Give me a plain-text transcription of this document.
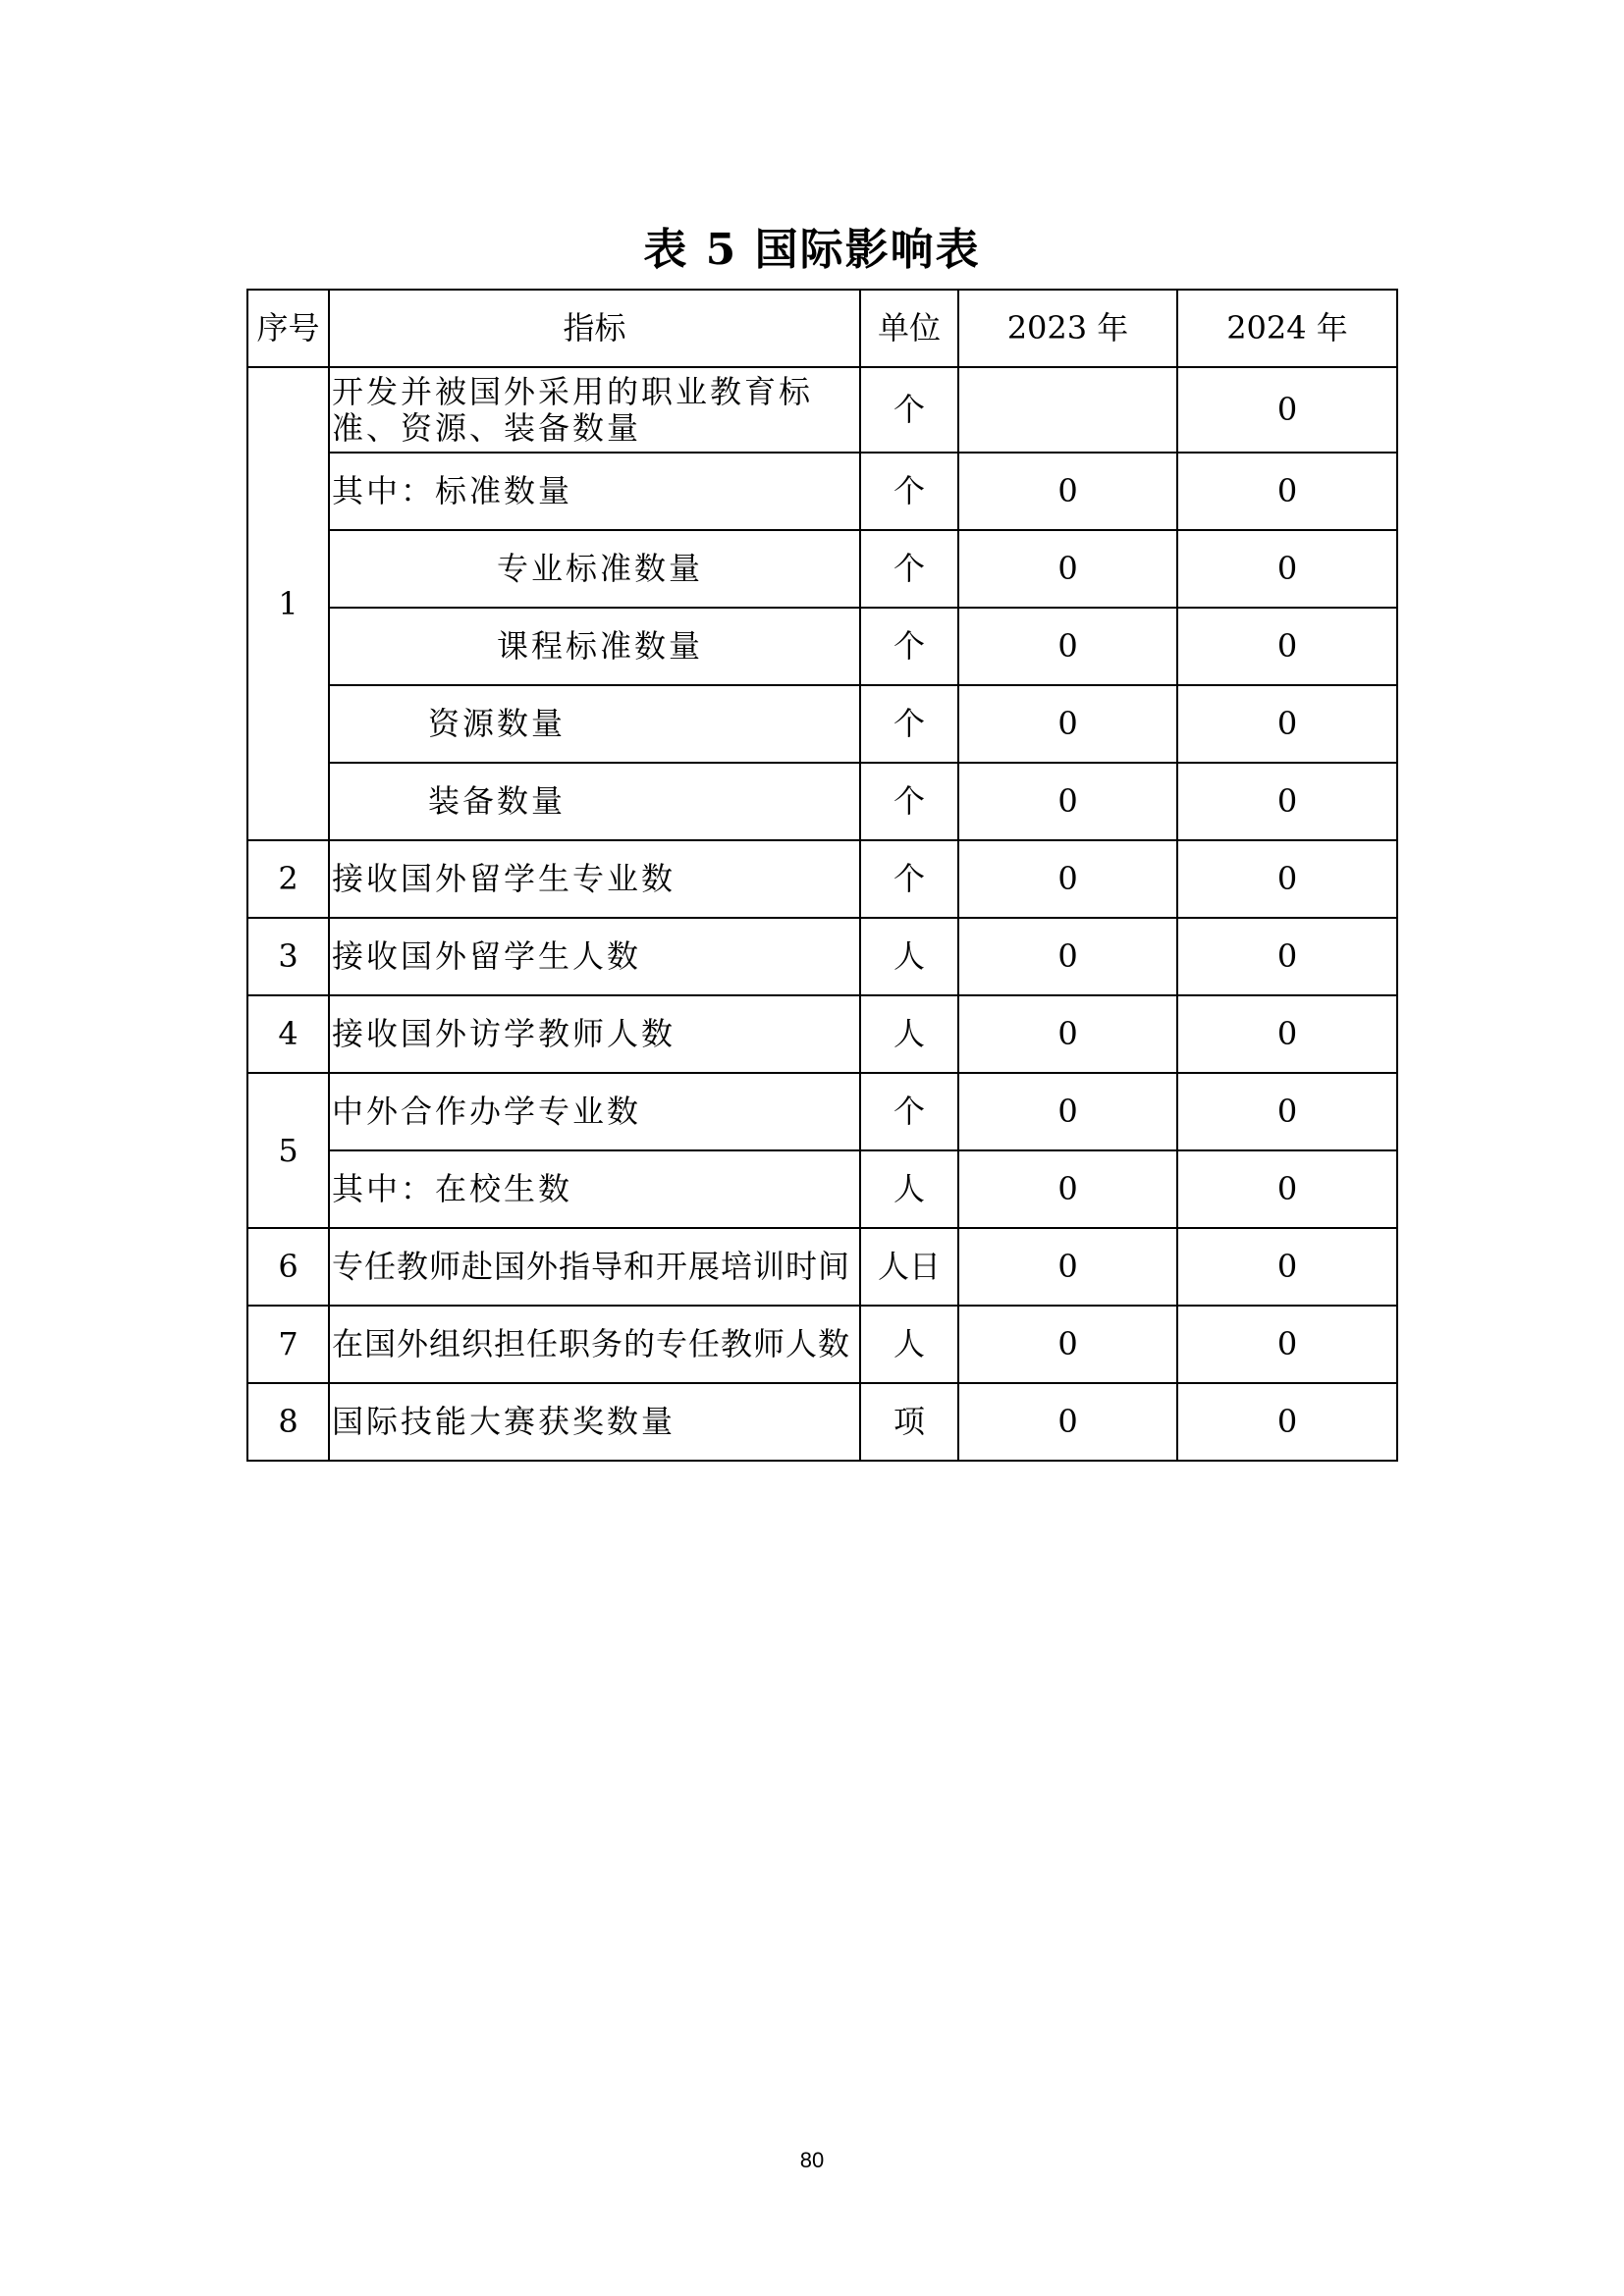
表 5 国际影响表
序号	指标	单位	2023 年	2024 年
1	开发并被国外采用的职业教育标准、资源、装备数量	个		0
	其中：标准数量	个	0	0
	专业标准数量	个	0	0
	课程标准数量	个	0	0
	资源数量	个	0	0
	装备数量	个	0	0
2	接收国外留学生专业数	个	0	0
3	接收国外留学生人数	人	0	0
4	接收国外访学教师人数	人	0	0
5	中外合作办学专业数	个	0	0
	其中：在校生数	人	0	0
6	专任教师赴国外指导和开展培训时间	人日	0	0
7	在国外组织担任职务的专任教师人数	人	0	0
8	国际技能大赛获奖数量	项	0	0
80
